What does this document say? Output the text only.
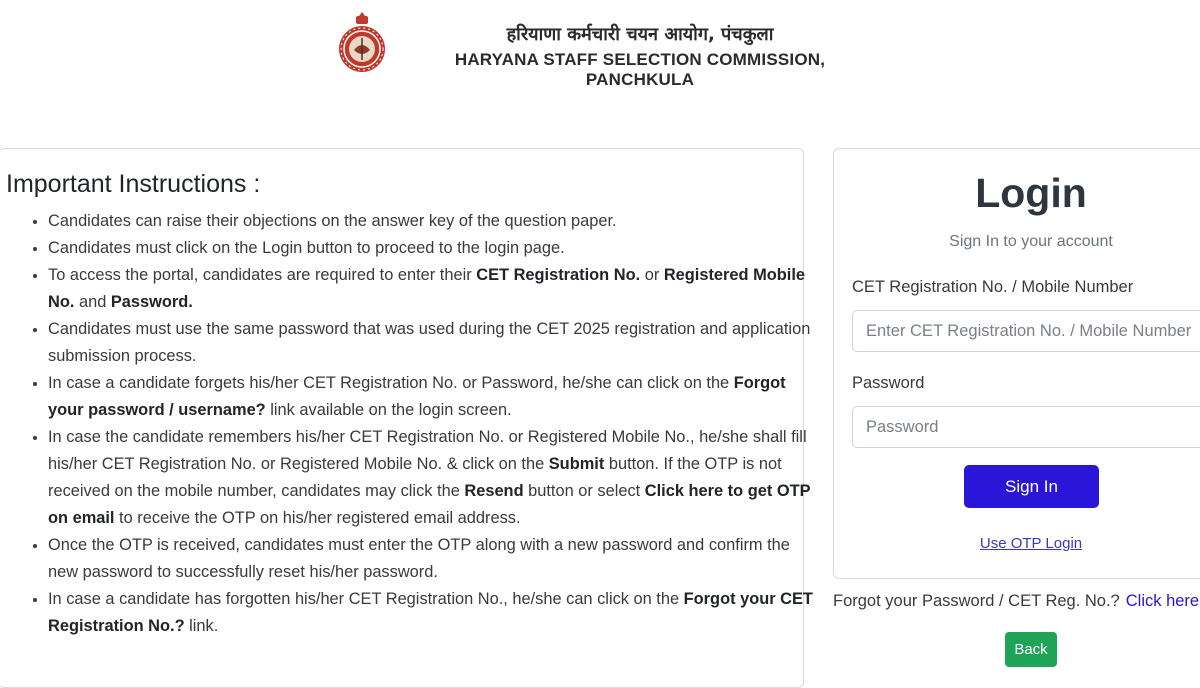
हरियाणा कर्मचारी चयन आयोग, पंचकुला
HARYANA STAFF SELECTION COMMISSION, PANCHKULA
Important Instructions :
• Candidates can raise their objections on the answer key of the question paper.
• Candidates must click on the Login button to proceed to the login page.
• To access the portal, candidates are required to enter their CET Registration No. or Registered Mobile No. and Password.
• Candidates must use the same password that was used during the CET 2025 registration and application submission process.
• In case a candidate forgets his/her CET Registration No. or Password, he/she can click on the Forgot your password / username? link available on the login screen.
• In case the candidate remembers his/her CET Registration No. or Registered Mobile No., he/she shall fill his/her CET Registration No. or Registered Mobile No. & click on the Submit button. If the OTP is not received on the mobile number, candidates may click the Resend button or select Click here to get OTP on email to receive the OTP on his/her registered email address.
• Once the OTP is received, candidates must enter the OTP along with a new password and confirm the new password to successfully reset his/her password.
• In case a candidate has forgotten his/her CET Registration No., he/she can click on the Forgot your CET Registration No.? link.
Login
Sign In to your account
CET Registration No. / Mobile Number
Enter CET Registration No. / Mobile Number
Password
Sign In
Use OTP Login
Forgot your Password / CET Reg. No.? Click here
Back
